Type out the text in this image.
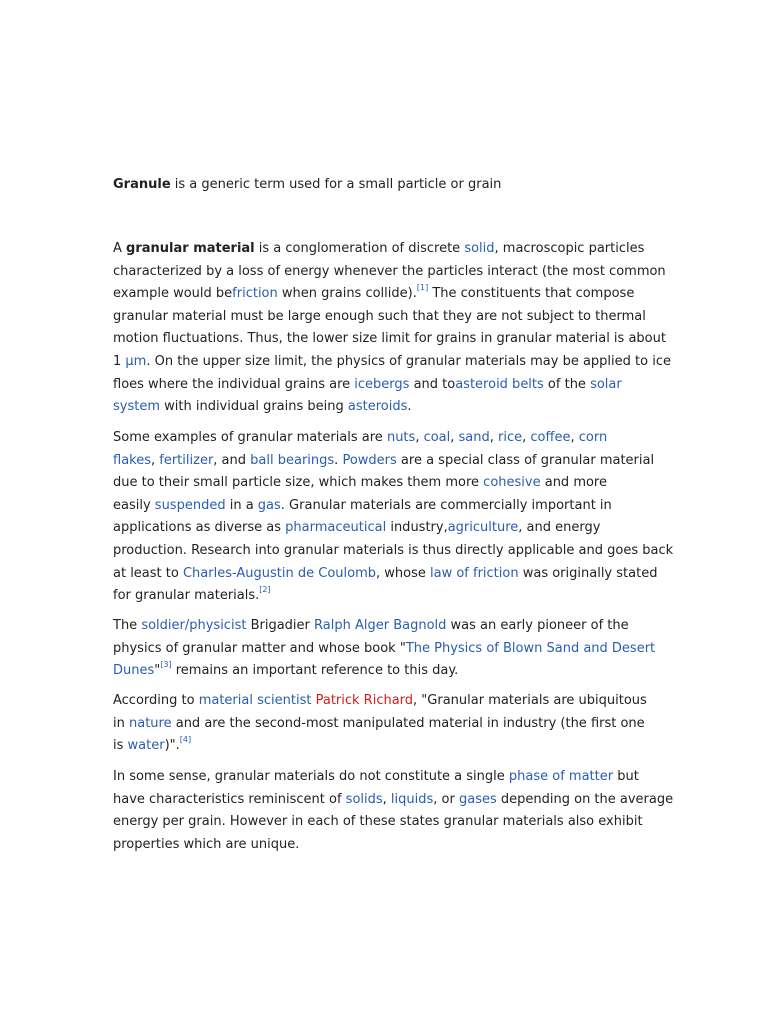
Granule is a generic term used for a small particle or grain

A granular material is a conglomeration of discrete solid, macroscopic particles
characterized by a loss of energy whenever the particles interact (the most common
example would befriction when grains collide).[1] The constituents that compose
granular material must be large enough such that they are not subject to thermal
motion fluctuations. Thus, the lower size limit for grains in granular material is about
1 μm. On the upper size limit, the physics of granular materials may be applied to ice
floes where the individual grains are icebergs and toasteroid belts of the solar
system with individual grains being asteroids.

Some examples of granular materials are nuts, coal, sand, rice, coffee, corn
flakes, fertilizer, and ball bearings. Powders are a special class of granular material
due to their small particle size, which makes them more cohesive and more
easily suspended in a gas. Granular materials are commercially important in
applications as diverse as pharmaceutical industry,agriculture, and energy
production. Research into granular materials is thus directly applicable and goes back
at least to Charles-Augustin de Coulomb, whose law of friction was originally stated
for granular materials.[2]

The soldier/physicist Brigadier Ralph Alger Bagnold was an early pioneer of the
physics of granular matter and whose book "The Physics of Blown Sand and Desert
Dunes"[3] remains an important reference to this day.

According to material scientist Patrick Richard, "Granular materials are ubiquitous
in nature and are the second-most manipulated material in industry (the first one
is water)".[4]

In some sense, granular materials do not constitute a single phase of matter but
have characteristics reminiscent of solids, liquids, or gases depending on the average
energy per grain. However in each of these states granular materials also exhibit
properties which are unique.
